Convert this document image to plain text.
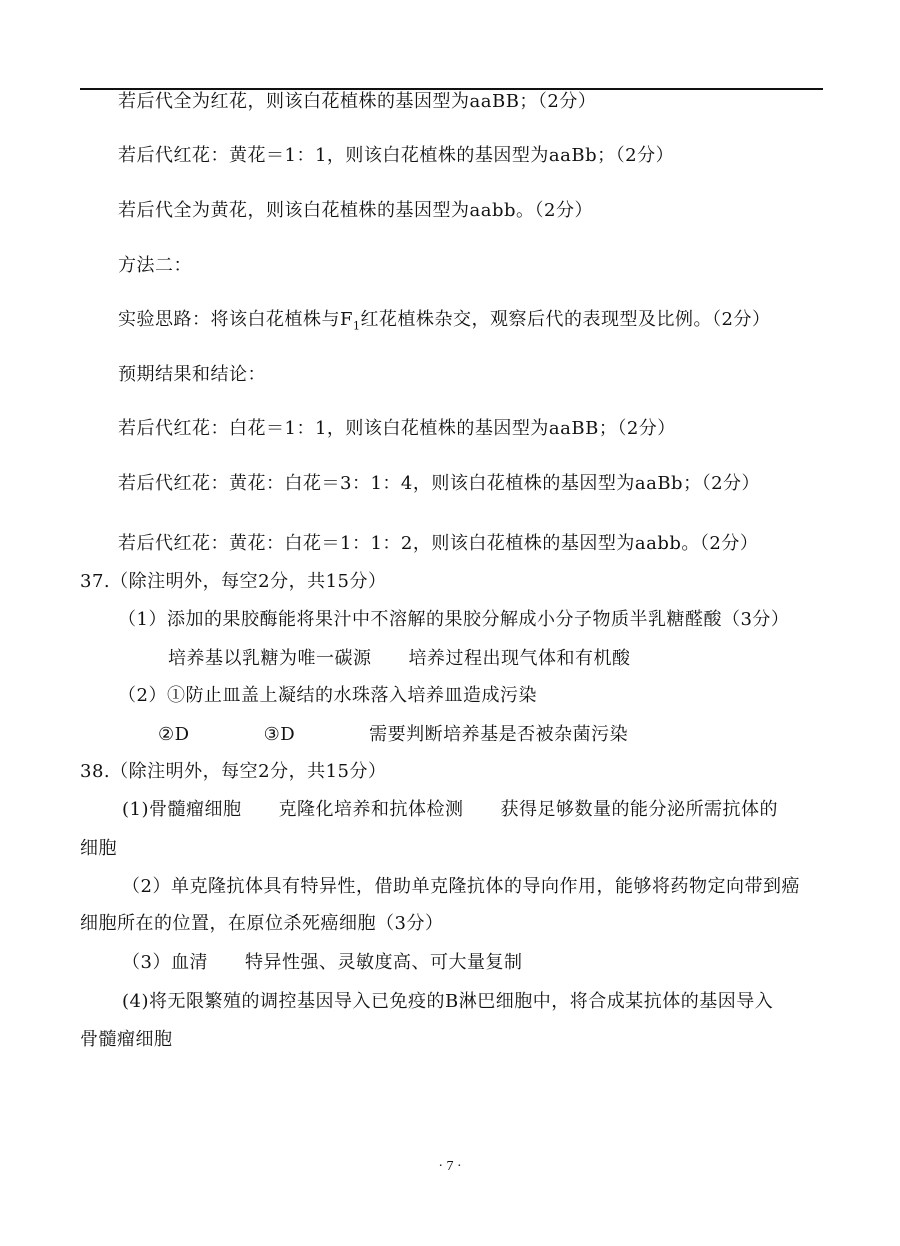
若后代全为红花，则该白花植株的基因型为aaBB；（2分）
若后代红花：黄花＝1：1，则该白花植株的基因型为aaBb；（2分）
若后代全为黄花，则该白花植株的基因型为aabb。（2分）
方法二：
实验思路：将该白花植株与$F_1$红花植株杂交，观察后代的表现型及比例。（2分）
预期结果和结论：
若后代红花：白花＝1：1，则该白花植株的基因型为aaBB；（2分）
若后代红花：黄花：白花＝3：1：4，则该白花植株的基因型为aaBb；（2分）
若后代红花：黄花：白花＝1：1：2，则该白花植株的基因型为aabb。（2分）
37.（除注明外，每空2分，共15分）
（1）添加的果胶酶能将果汁中不溶解的果胶分解成小分子物质半乳糖醛酸（3分）
培养基以乳糖为唯一碳源　　培养过程出现气体和有机酸
（2）①防止皿盖上凝结的水珠落入培养皿造成污染
②D　　　　③D　　　　需要判断培养基是否被杂菌污染
38.（除注明外，每空2分，共15分）
(1)骨髓瘤细胞　　克隆化培养和抗体检测　　获得足够数量的能分泌所需抗体的
细胞
（2）单克隆抗体具有特异性，借助单克隆抗体的导向作用，能够将药物定向带到癌
细胞所在的位置，在原位杀死癌细胞（3分）
（3）血清　　特异性强、灵敏度高、可大量复制
(4)将无限繁殖的调控基因导入已免疫的B淋巴细胞中，将合成某抗体的基因导入
骨髓瘤细胞
· 7 ·
